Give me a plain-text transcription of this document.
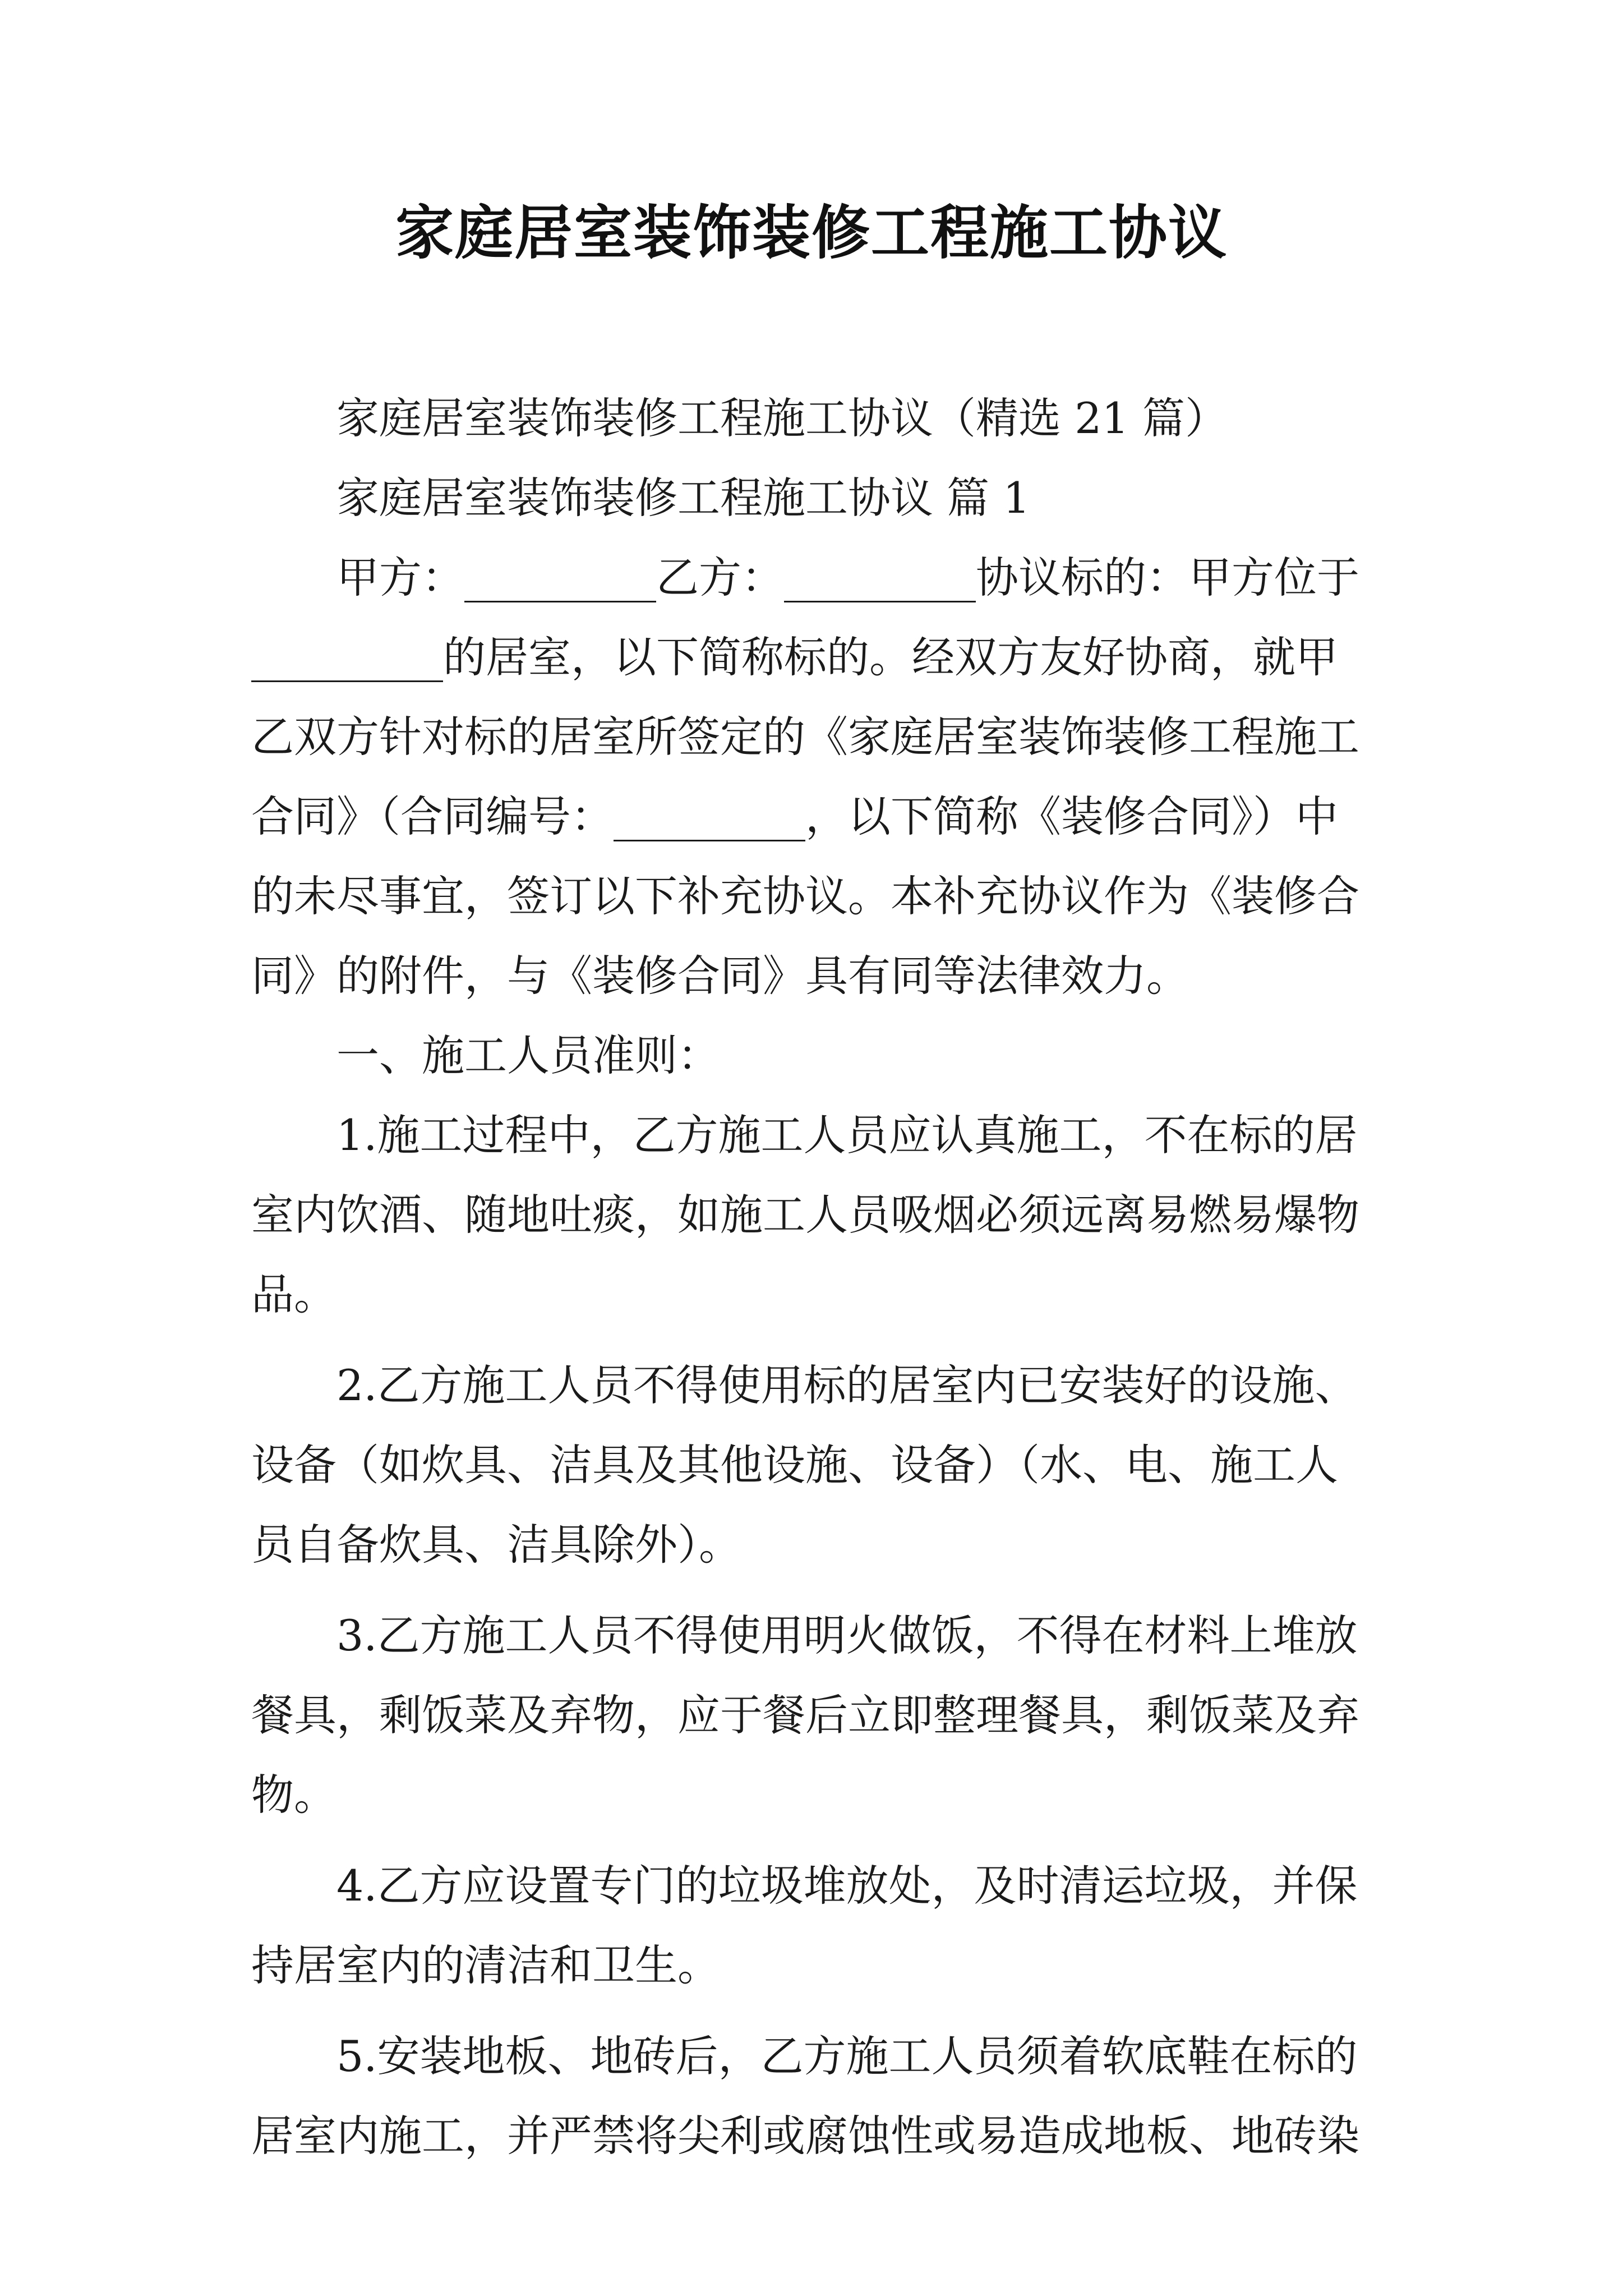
家庭居室装饰装修工程施工协议
家庭居室装饰装修工程施工协议（精选 21 篇）
家庭居室装饰装修工程施工协议 篇 1
甲方：_________乙方：_________协议标的：甲方位于
_________的居室，以下简称标的。经双方友好协商，就甲
乙双方针对标的居室所签定的《家庭居室装饰装修工程施工
合同》（合同编号：_________，以下简称《装修合同》）中
的未尽事宜，签订以下补充协议。本补充协议作为《装修合
同》的附件，与《装修合同》具有同等法律效力。
一、施工人员准则：
1.施工过程中，乙方施工人员应认真施工，不在标的居
室内饮酒、随地吐痰，如施工人员吸烟必须远离易燃易爆物
品。
2.乙方施工人员不得使用标的居室内已安装好的设施、
设备（如炊具、洁具及其他设施、设备）（水、电、施工人
员自备炊具、洁具除外）。
3.乙方施工人员不得使用明火做饭，不得在材料上堆放
餐具，剩饭菜及弃物，应于餐后立即整理餐具，剩饭菜及弃
物。
4.乙方应设置专门的垃圾堆放处，及时清运垃圾，并保
持居室内的清洁和卫生。
5.安装地板、地砖后，乙方施工人员须着软底鞋在标的
居室内施工，并严禁将尖利或腐蚀性或易造成地板、地砖染
